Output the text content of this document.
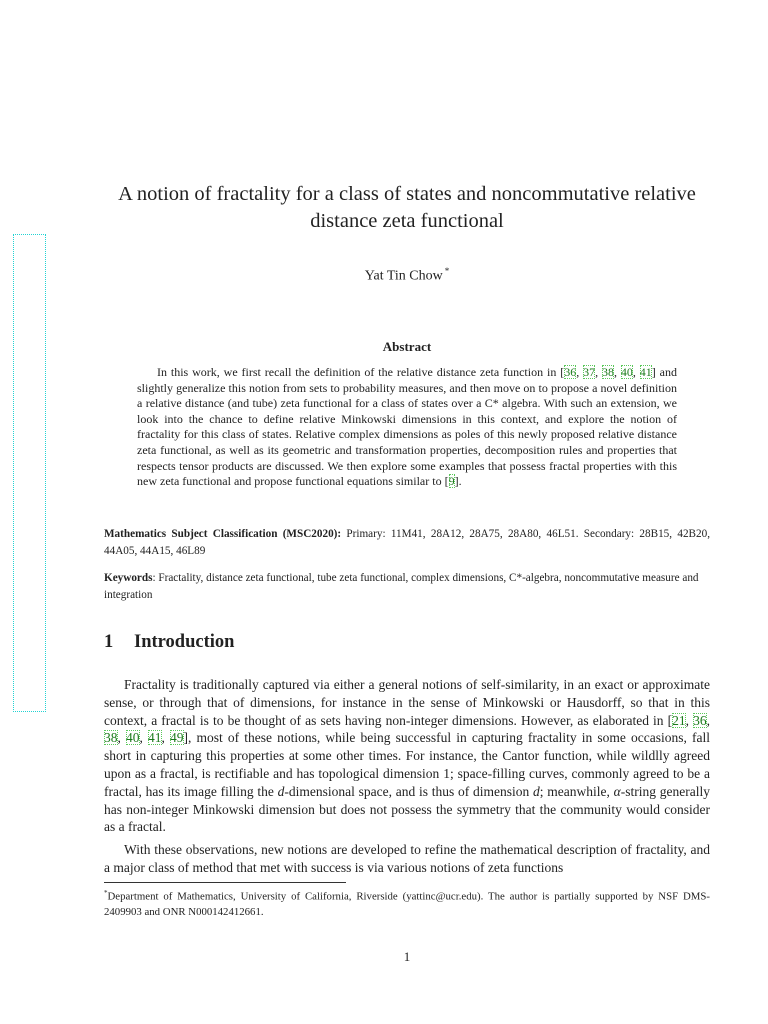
A notion of fractality for a class of states and noncommutative relative distance zeta functional
Yat Tin Chow *
Abstract
In this work, we first recall the definition of the relative distance zeta function in [36, 37, 38, 40, 41] and slightly generalize this notion from sets to probability measures, and then move on to propose a novel definition a relative distance (and tube) zeta functional for a class of states over a C* algebra. With such an extension, we look into the chance to define relative Minkowski dimensions in this context, and explore the notion of fractality for this class of states. Relative complex dimensions as poles of this newly proposed relative distance zeta functional, as well as its geometric and transformation properties, decomposition rules and properties that respects tensor products are discussed. We then explore some examples that possess fractal properties with this new zeta functional and propose functional equations similar to [9].
Mathematics Subject Classification (MSC2020): Primary: 11M41, 28A12, 28A75, 28A80, 46L51. Secondary: 28B15, 42B20, 44A05, 44A15, 46L89
Keywords: Fractality, distance zeta functional, tube zeta functional, complex dimensions, C*-algebra, noncommutative measure and integration
1 Introduction
Fractality is traditionally captured via either a general notions of self-similarity, in an exact or approximate sense, or through that of dimensions, for instance in the sense of Minkowski or Hausdorff, so that in this context, a fractal is to be thought of as sets having non-integer dimensions. However, as elaborated in [21, 36, 38, 40, 41, 49], most of these notions, while being successful in capturing fractality in some occasions, fall short in capturing this properties at some other times. For instance, the Cantor function, while wildlly agreed upon as a fractal, is rectifiable and has topological dimension 1; space-filling curves, commonly agreed to be a fractal, has its image filling the d-dimensional space, and is thus of dimension d; meanwhile, α-string generally has non-integer Minkowski dimension but does not possess the symmetry that the community would consider as a fractal.
With these observations, new notions are developed to refine the mathematical description of fractality, and a major class of method that met with success is via various notions of zeta functions
*Department of Mathematics, University of California, Riverside (yattinc@ucr.edu). The author is partially supported by NSF DMS-2409903 and ONR N000142412661.
1
